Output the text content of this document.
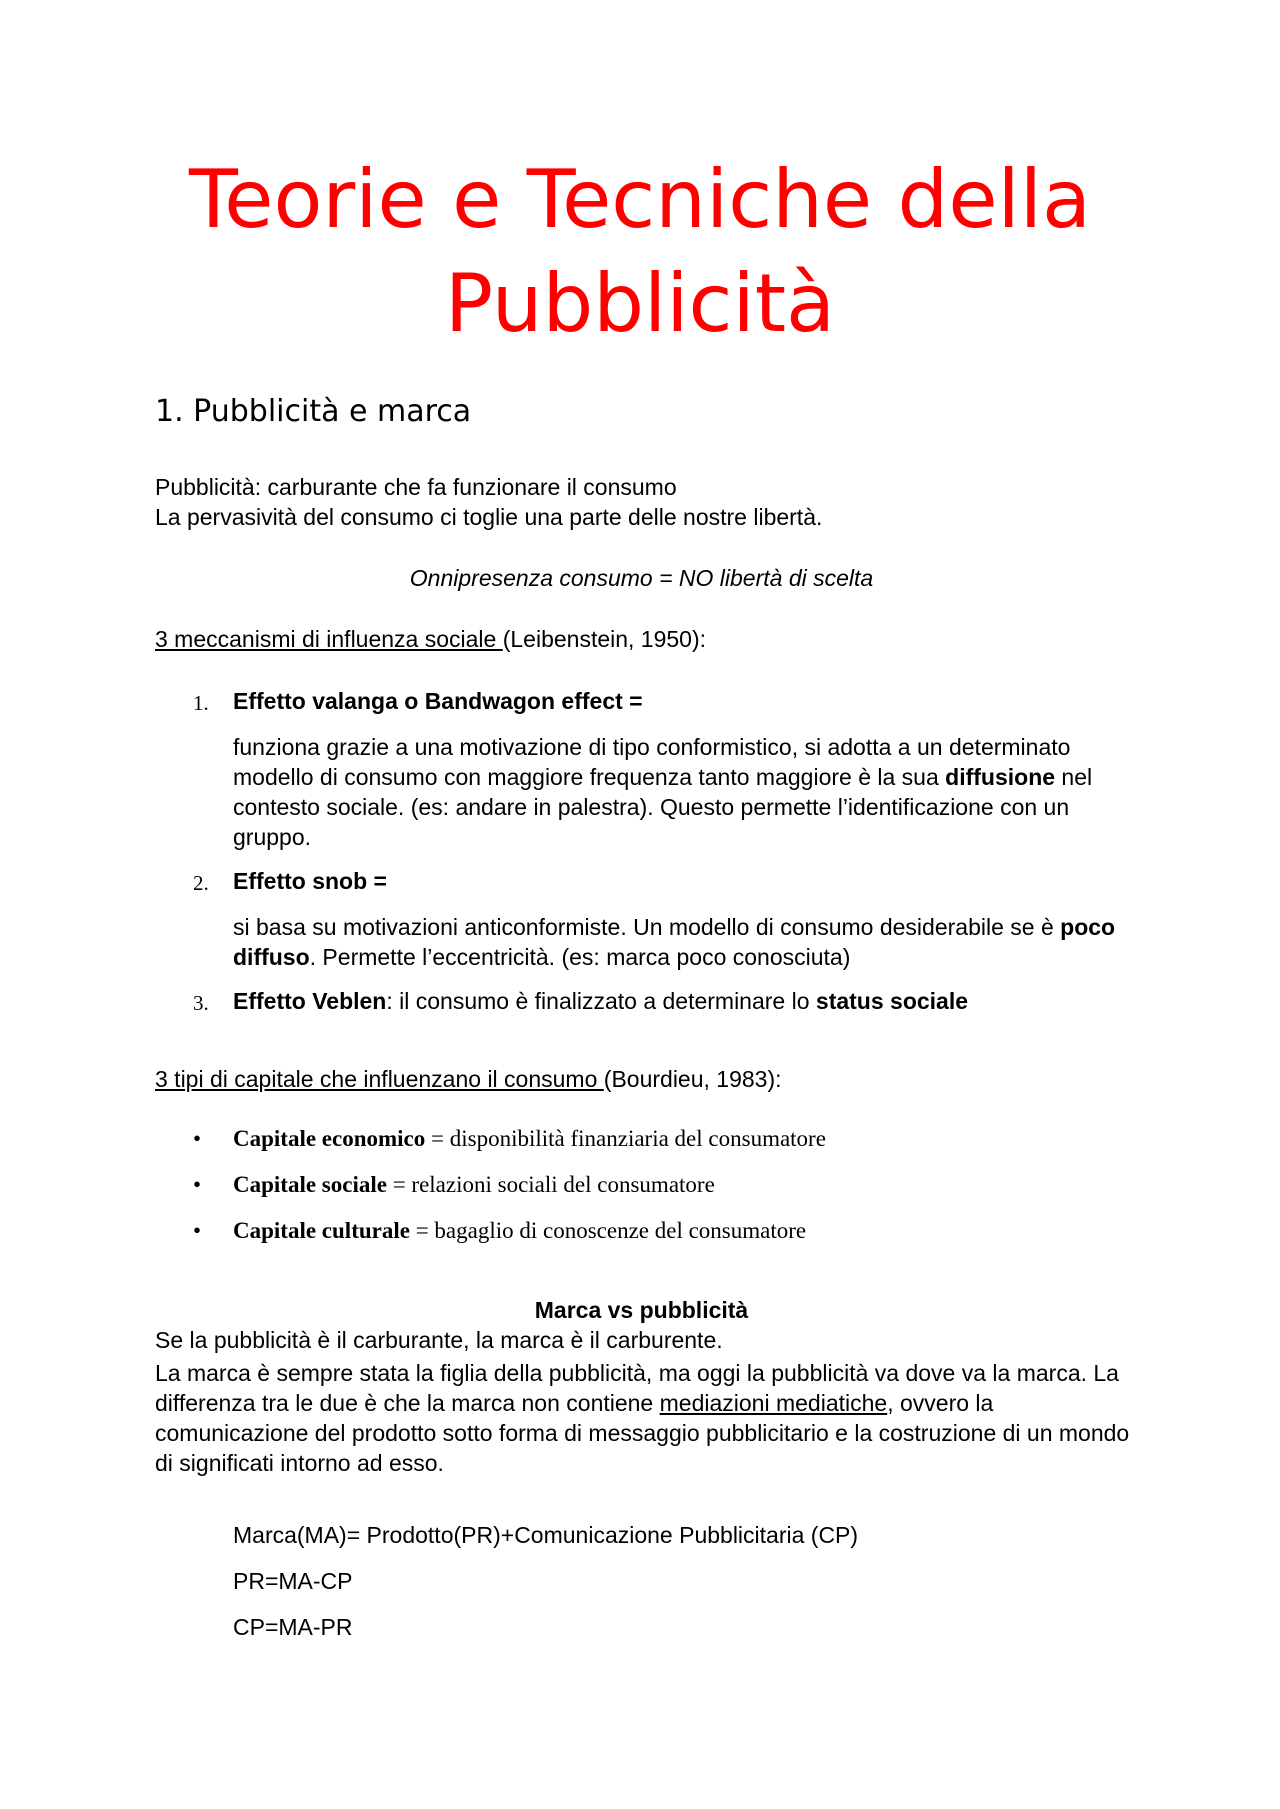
Teorie e Tecniche della
Pubblicità
1. Pubblicità e marca

Pubblicità: carburante che fa funzionare il consumo

La pervasività del consumo ci toglie una parte delle nostre libertà.

Onnipresenza consumo = NO libertà di scelta

3 meccanismi di influenza sociale (Leibenstein, 1950):

1. Effetto valanga o Bandwagon effect =

funziona grazie a una motivazione di tipo conformistico, si adotta a un determinato modello di consumo con maggiore frequenza tanto maggiore è la sua diffusione nel contesto sociale. (es: andare in palestra). Questo permette l’identificazione con un gruppo.

2. Effetto snob =

si basa su motivazioni anticonformiste. Un modello di consumo desiderabile se è poco diffuso. Permette l’eccentricità. (es: marca poco conosciuta)

3. Effetto Veblen: il consumo è finalizzato a determinare lo status sociale

3 tipi di capitale che influenzano il consumo (Bourdieu, 1983):

• Capitale economico = disponibilità finanziaria del consumatore
• Capitale sociale = relazioni sociali del consumatore
• Capitale culturale = bagaglio di conoscenze del consumatore

Marca vs pubblicità

Se la pubblicità è il carburante, la marca è il carburente.

La marca è sempre stata la figlia della pubblicità, ma oggi la pubblicità va dove va la marca. La differenza tra le due è che la marca non contiene mediazioni mediatiche, ovvero la comunicazione del prodotto sotto forma di messaggio pubblicitario e la costruzione di un mondo di significati intorno ad esso.

Marca(MA)= Prodotto(PR)+Comunicazione Pubblicitaria (CP)

PR=MA-CP

CP=MA-PR
